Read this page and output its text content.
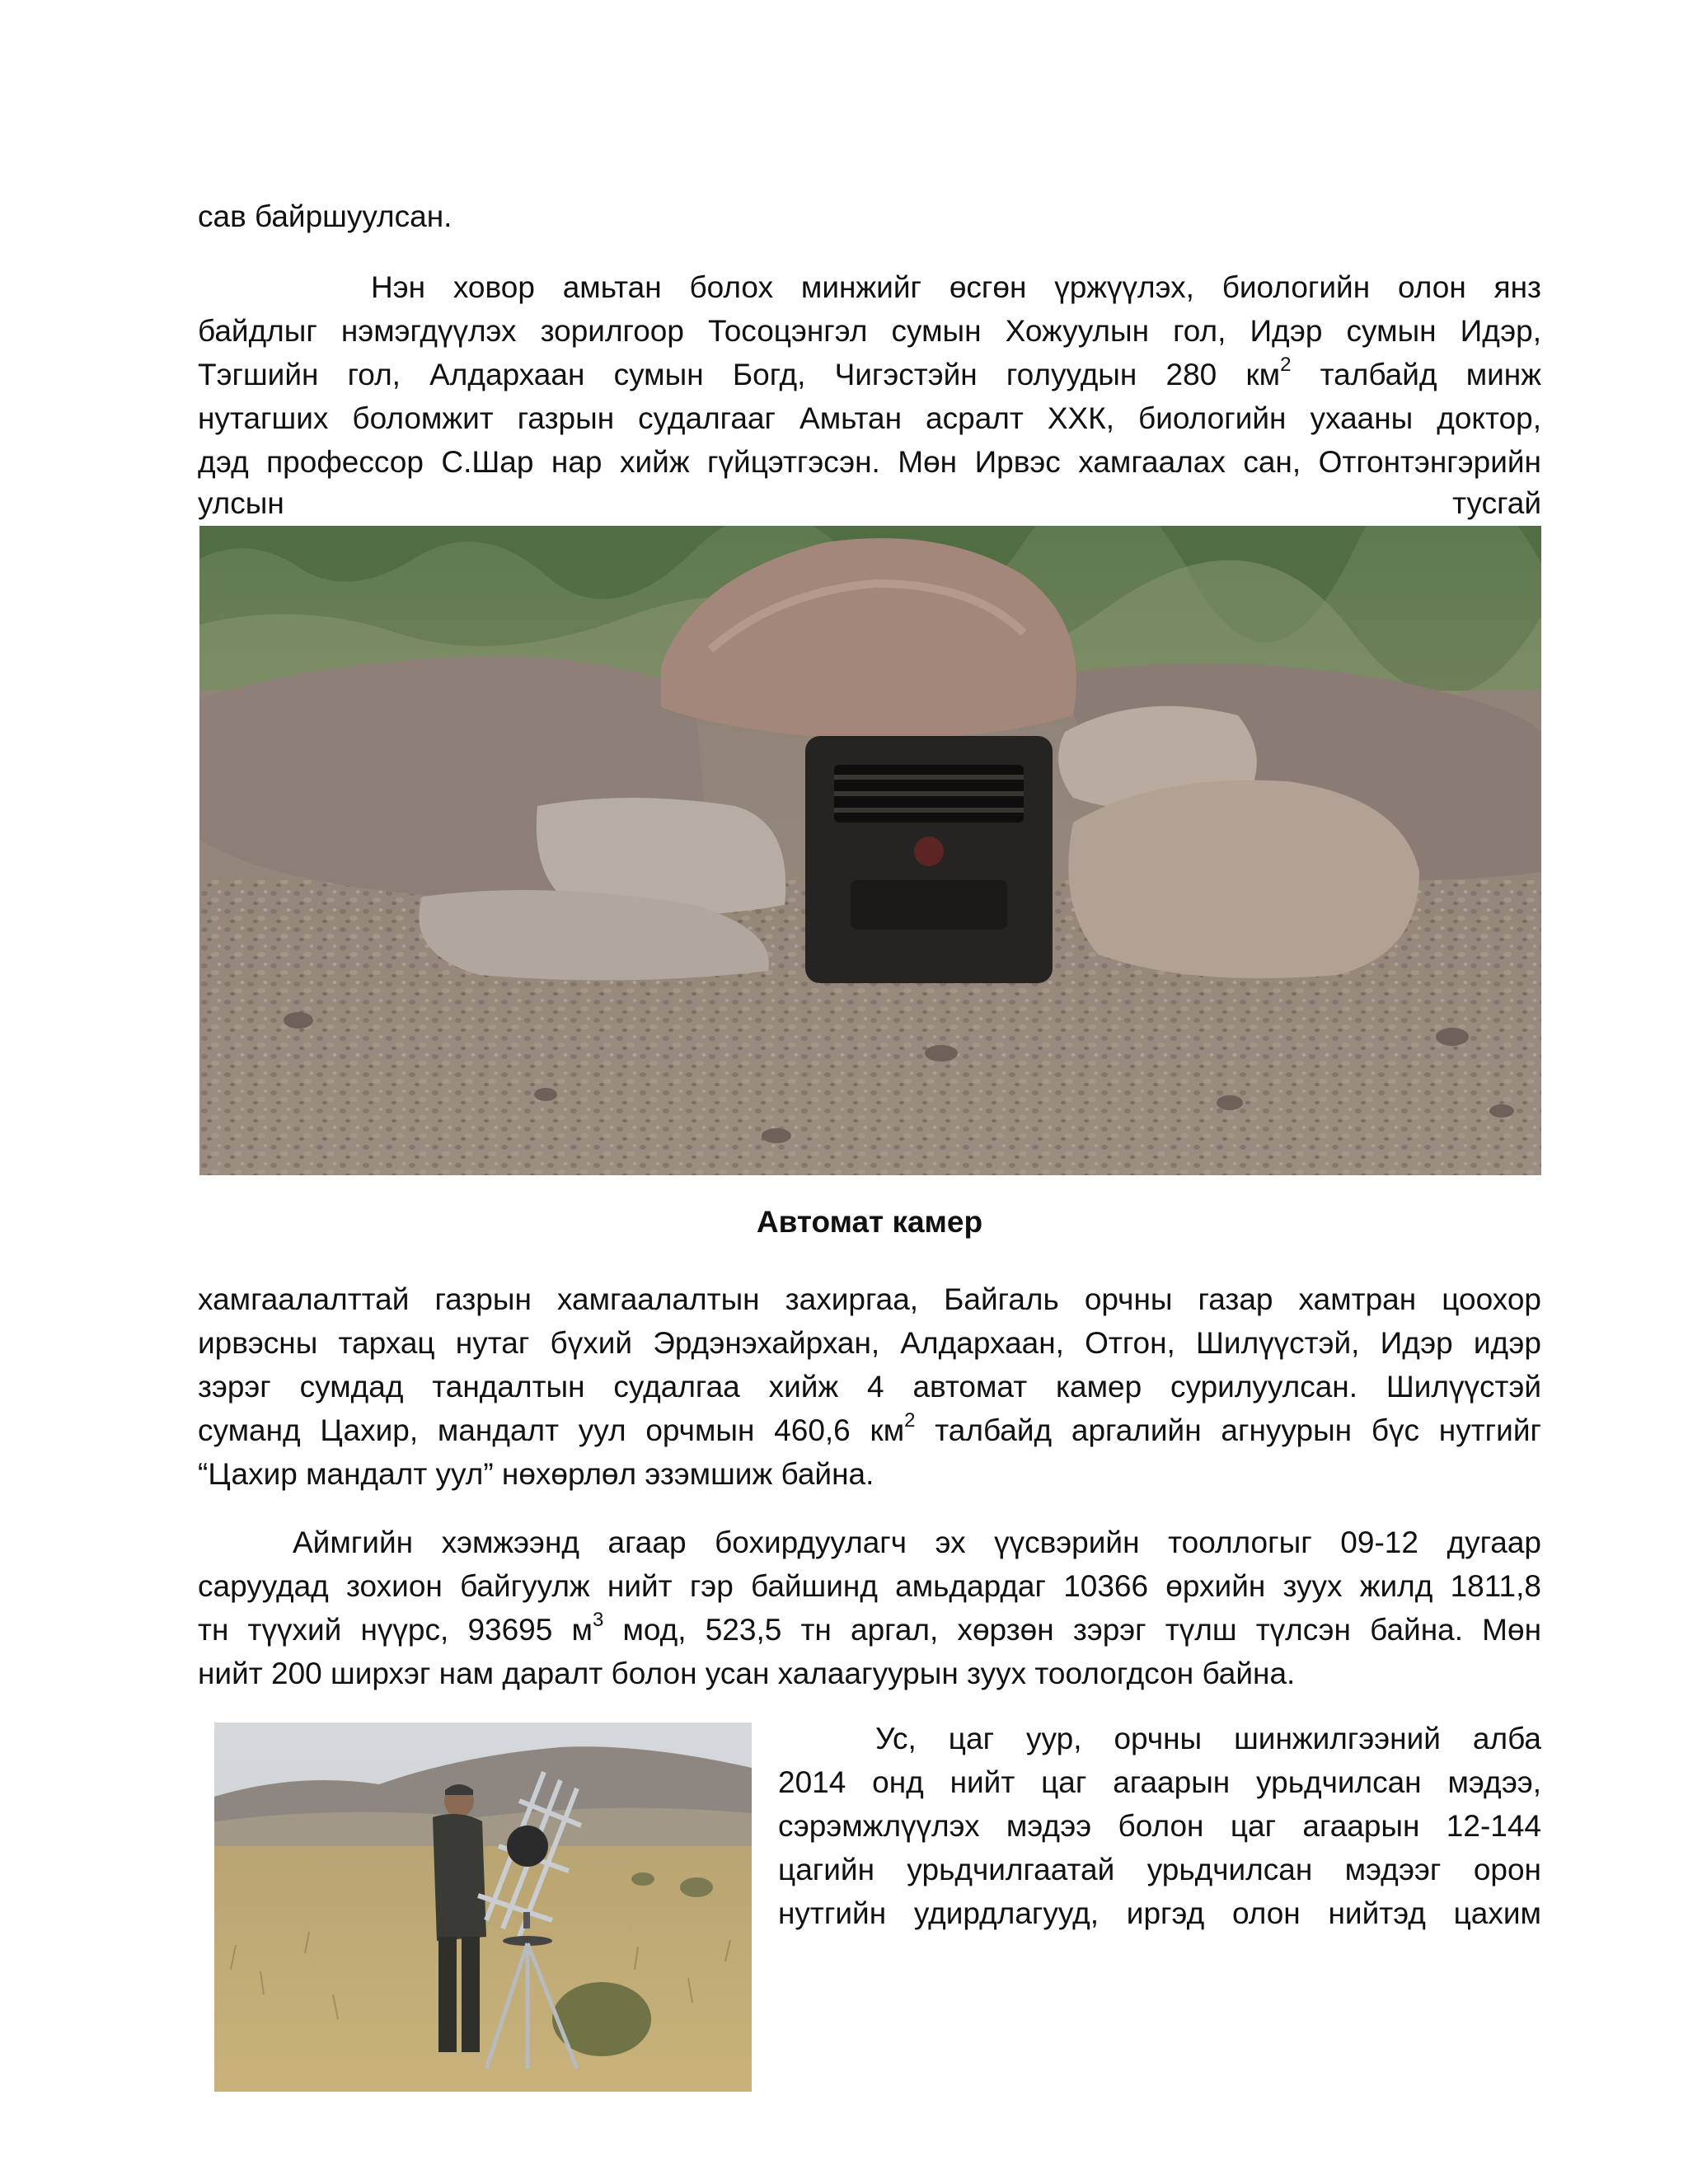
сав байршуулсан.
Нэн ховор амьтан болох минжийг өсгөн үржүүлэх, биологийн олон янз
байдлыг нэмэгдүүлэх зорилгоор Тосоцэнгэл сумын Хожуулын гол, Идэр сумын Идэр,
Тэгшийн гол, Алдархаан сумын Богд, Чигэстэйн голуудын 280 $км^2$ талбайд минж
нутагших боломжит газрын судалгааг Амьтан асралт ХХК, биологийн ухааны доктор,
дэд профессор С.Шар нар хийж гүйцэтгэсэн. Мөн Ирвэс хамгаалах сан, Отгонтэнгэрийн
улсын	тусгай
Автомат камер
хамгаалалттай газрын хамгаалалтын захиргаа, Байгаль орчны газар хамтран цоохор
ирвэсны тархац нутаг бүхий Эрдэнэхайрхан, Алдархаан, Отгон, Шилүүстэй, Идэр идэр
зэрэг сумдад тандалтын судалгаа хийж 4 автомат камер сурилуулсан. Шилүүстэй
суманд Цахир, мандалт уул орчмын 460,6 $км^2$ талбайд аргалийн агнуурын бүс нутгийг
“Цахир мандалт уул” нөхөрлөл эзэмшиж байна.
Аймгийн хэмжээнд агаар бохирдуулагч эх үүсвэрийн тооллогыг 09-12 дугаар
саруудад зохион байгуулж нийт гэр байшинд амьдардаг 10366 өрхийн зуух жилд 1811,8
тн түүхий нүүрс, 93695 $м^3$ мод, 523,5 тн аргал, хөрзөн зэрэг түлш түлсэн байна. Мөн
нийт 200 ширхэг нам даралт болон усан халаагуурын зуух тоологдсон байна.
Ус, цаг уур, орчны шинжилгээний алба
2014 онд нийт цаг агаарын урьдчилсан мэдээ,
сэрэмжлүүлэх мэдээ болон цаг агаарын 12-144
цагийн урьдчилгаатай урьдчилсан мэдээг орон
нутгийн удирдлагууд, иргэд олон нийтэд цахим
